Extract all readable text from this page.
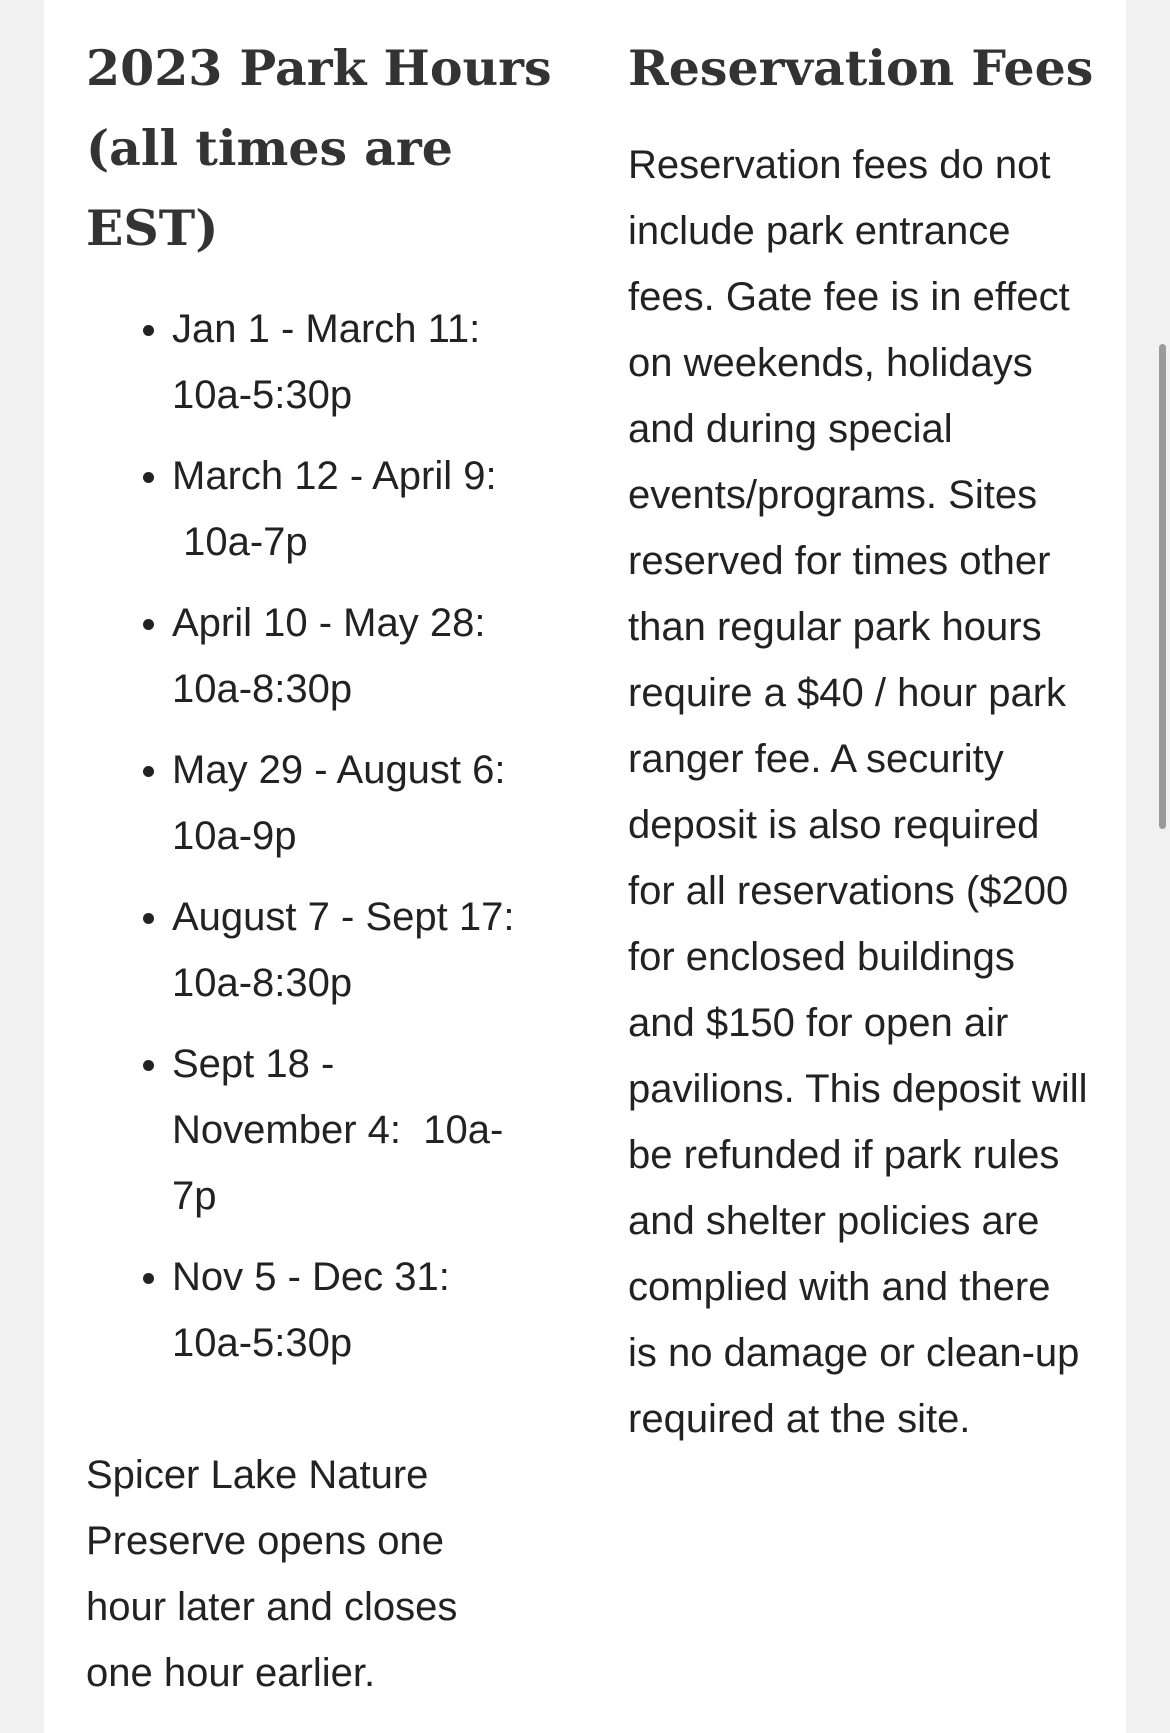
2023 Park Hours (all times are EST)
• Jan 1 - March 11:
10a-5:30p
• March 12 - April 9:
10a-7p
• April 10 - May 28:
10a-8:30p
• May 29 - August 6:
10a-9p
• August 7 - Sept 17:
10a-8:30p
• Sept 18 -
November 4:  10a-
7p
• Nov 5 - Dec 31:
10a-5:30p

Spicer Lake Nature Preserve opens one hour later and closes one hour earlier.

Reservation Fees

Reservation fees do not include park entrance fees. Gate fee is in effect on weekends, holidays and during special events/programs. Sites reserved for times other than regular park hours require a $40 / hour park ranger fee. A security deposit is also required for all reservations ($200 for enclosed buildings and $150 for open air pavilions. This deposit will be refunded if park rules and shelter policies are complied with and there is no damage or clean-up required at the site.
